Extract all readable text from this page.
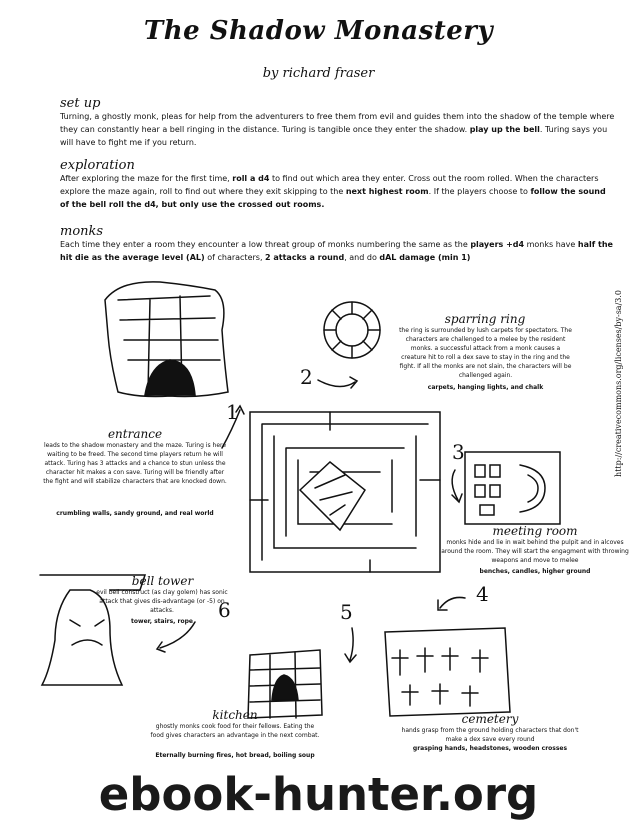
The Shadow Monastery
by richard fraser
set up
Turning, a ghostly monk, pleas for help from the adventurers to free them from evil and guides them into the shadow of the temple where they can constantly hear a bell ringing in the distance. Turing is tangible once they enter the shadow. play up the bell. Turing says you will have to fight me if you return.
exploration
After exploring the maze for the first time, roll a d4 to find out which area they enter. Cross out the room rolled. When the characters explore the maze again, roll to find out where they exit skipping to the next highest room. If the players choose to follow the sound of the bell roll the d4, but only use the crossed out rooms.
monks
Each time they enter a room they encounter a low threat group of monks numbering the same as the players +d4 monks have half the hit die as the average level (AL) of characters, 2 attacks a round, and do dAL damage (min 1)
1
2
3
4
5
6
sparring ring
the ring is surrounded by lush carpets for spectators. The characters are challenged to a melee by the resident monks. a successful attack from a monk causes a creature hit to roll a dex save to stay in the ring and the fight. If all the monks are not slain, the characters will be challenged again.
carpets, hanging lights, and chalk
entrance
leads to the shadow monastery and the maze. Turing is here waiting to be freed. The second time players return he will attack. Turing has 3 attacks and a chance to stun unless the character hit makes a con save. Turing will be friendly after the fight and will stabilize characters that are knocked down.
crumbling walls, sandy ground, and real world
meeting room
monks hide and lie in wait behind the pulpit and in alcoves around the room. They will start the engagment with throwing weapons and move to melee
benches, candles, higher ground
bell tower
evil bell construct (as clay golem) has sonic attack that gives dis-advantage (or -5) on attacks.
tower, stairs, rope
kitchen
ghostly monks cook food for their fellows. Eating the food gives characters an advantage in the next combat.
Eternally burning fires, hot bread, boiling soup
cemetery
hands grasp from the ground holding characters that don't make a dex save every round
grasping hands, headstones, wooden crosses
http://creativecommons.org/licenses/by-sa/3.0
ebook-hunter.org
